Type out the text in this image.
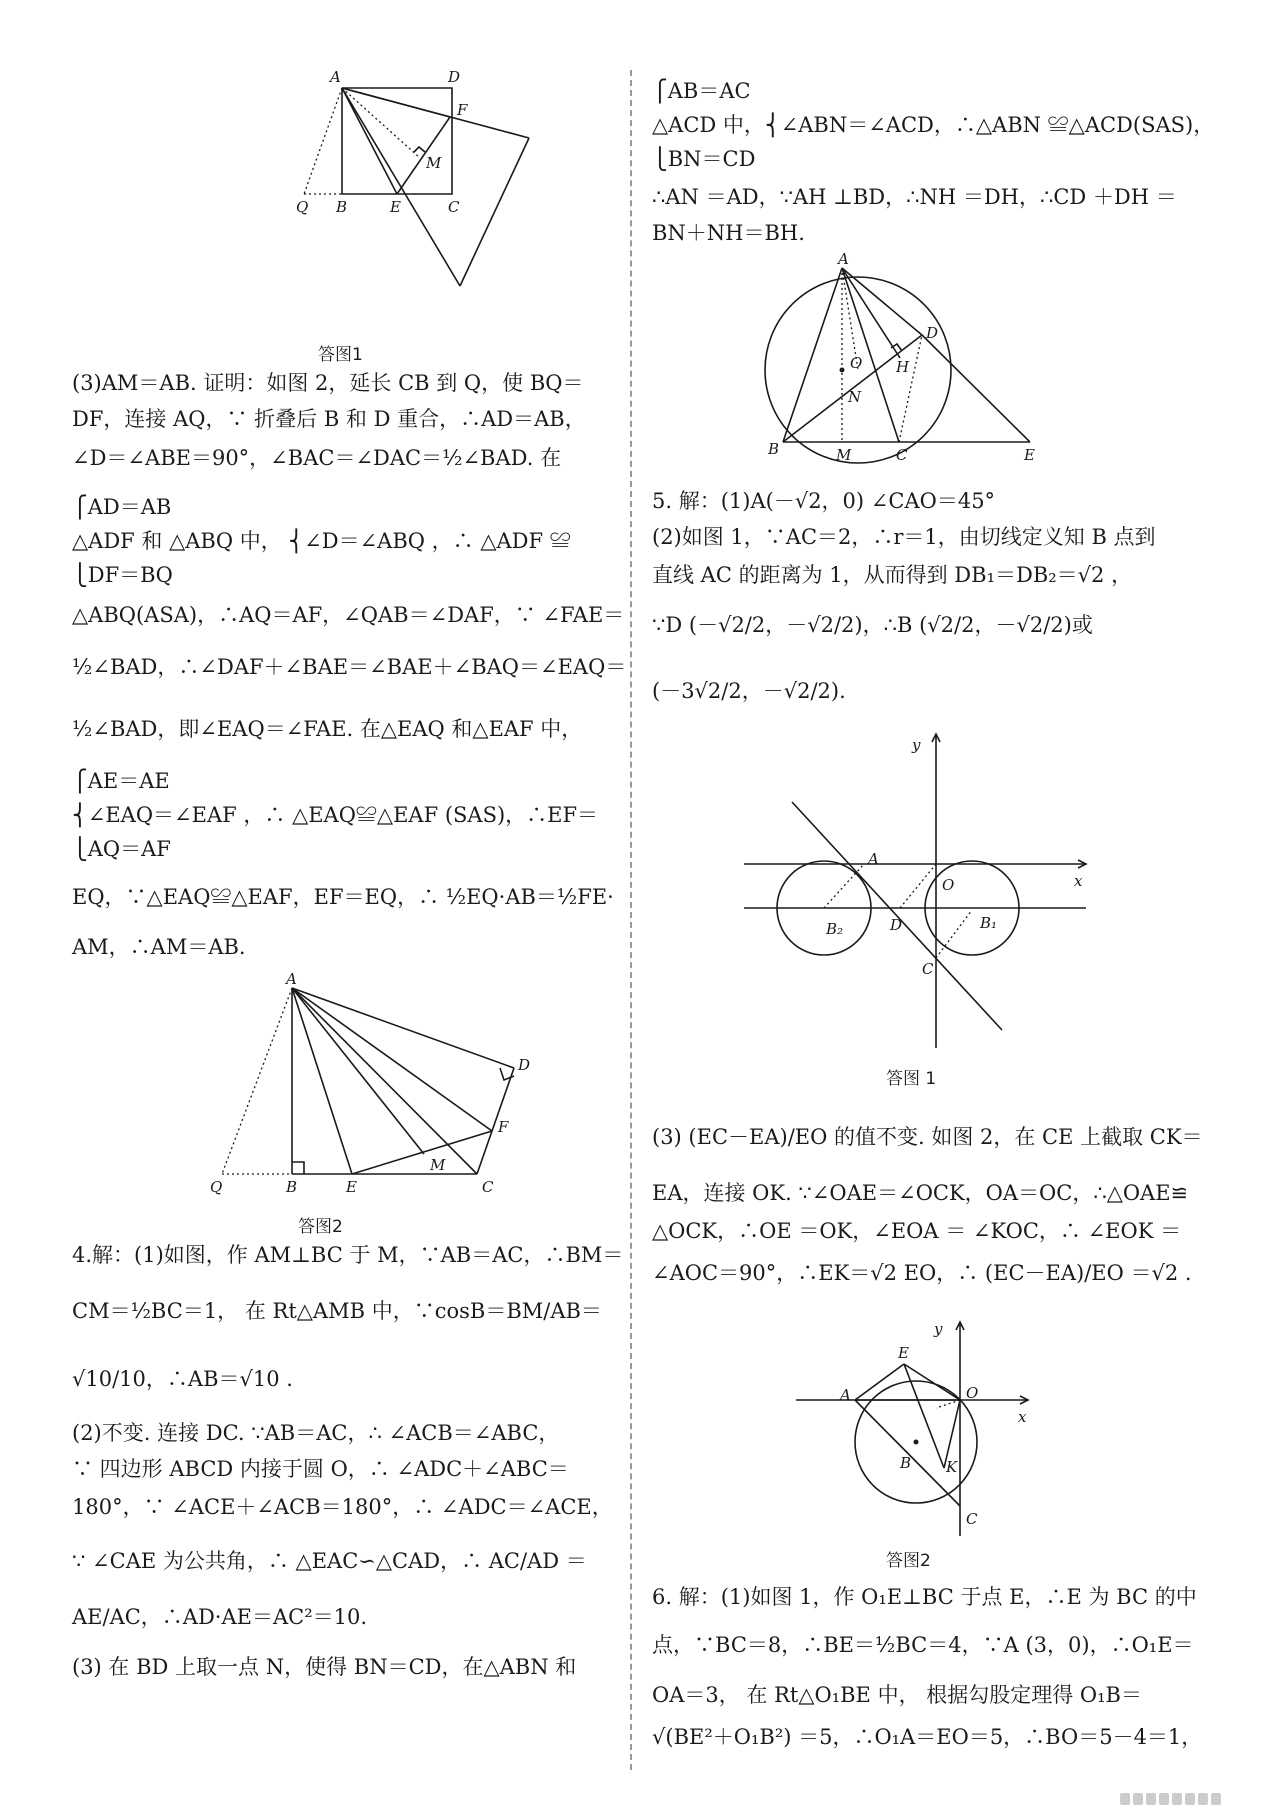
A	D
F
M
Q B	E	C
答图1
(3)AM＝AB. 证明：如图 2，延长 CB 到 Q，使 BQ＝
DF，连接 AQ，∵ 折叠后 B 和 D 重合，∴AD＝AB，
∠D＝∠ABE＝90°，∠BAC＝∠DAC＝½∠BAD. 在
⎧AD＝AB
△ADF 和 △ABQ 中， ⎨∠D＝∠ABQ ，∴ △ADF ≌
⎩DF＝BQ
△ABQ(ASA)，∴AQ＝AF，∠QAB＝∠DAF，∵ ∠FAE＝
½∠BAD，∴∠DAF＋∠BAE＝∠BAE＋∠BAQ＝∠EAQ＝
½∠BAD，即∠EAQ＝∠FAE. 在△EAQ 和△EAF 中，
⎧AE＝AE
⎨∠EAQ＝∠EAF ，∴ △EAQ≌△EAF (SAS)，∴EF＝
⎩AQ＝AF
EQ，∵△EAQ≌△EAF，EF＝EQ，∴ ½EQ·AB＝½FE·
AM，∴AM＝AB.
A
D
F
M
Q	B	E	C
答图2
4.解：(1)如图，作 AM⊥BC 于 M，∵AB＝AC，∴BM＝
CM＝½BC＝1， 在 Rt△AMB 中，∵cosB＝BM/AB＝
√10/10，∴AB＝√10 .
(2)不变. 连接 DC. ∵AB＝AC，∴ ∠ACB＝∠ABC，
∵ 四边形 ABCD 内接于圆 O，∴ ∠ADC＋∠ABC＝
180°，∵ ∠ACE＋∠ACB＝180°，∴ ∠ADC＝∠ACE，
∵ ∠CAE 为公共角，∴ △EAC∽△CAD，∴ AC/AD ＝
AE/AC，∴AD·AE＝AC²＝10.
(3) 在 BD 上取一点 N，使得 BN＝CD，在△ABN 和
⎧AB＝AC
△ACD 中，⎨∠ABN＝∠ACD，∴△ABN ≌△ACD(SAS)，
⎩BN＝CD
∴AN ＝AD，∵AH ⊥BD，∴NH ＝DH，∴CD ＋DH ＝
BN＋NH＝BH.
A
D
O H
N
B	M	C	E
5. 解：(1)A(－√2，0) ∠CAO＝45°
(2)如图 1，∵AC＝2，∴r＝1，由切线定义知 B 点到
直线 AC 的距离为 1，从而得到 DB₁＝DB₂＝√2 ，
∵D (－√2/2，－√2/2)，∴B (√2/2，－√2/2)或
(－3√2/2，－√2/2).
y
x
A
O
B₂	D	B₁
C
答图 1
(3) (EC－EA)/EO 的值不变. 如图 2，在 CE 上截取 CK＝
EA，连接 OK. ∵∠OAE＝∠OCK，OA＝OC，∴△OAE≌
△OCK，∴OE ＝OK，∠EOA ＝ ∠KOC，∴ ∠EOK ＝
∠AOC＝90°，∴EK＝√2 EO，∴ (EC－EA)/EO ＝√2 .
y
x
E
A	O
B K
C
答图2
6. 解：(1)如图 1，作 O₁E⊥BC 于点 E，∴E 为 BC 的中
点，∵BC＝8，∴BE＝½BC＝4，∵A (3，0)，∴O₁E＝
OA＝3， 在 Rt△O₁BE 中， 根据勾股定理得 O₁B＝
√(BE²＋O₁B²) ＝5，∴O₁A＝EO＝5，∴BO＝5－4＝1，
